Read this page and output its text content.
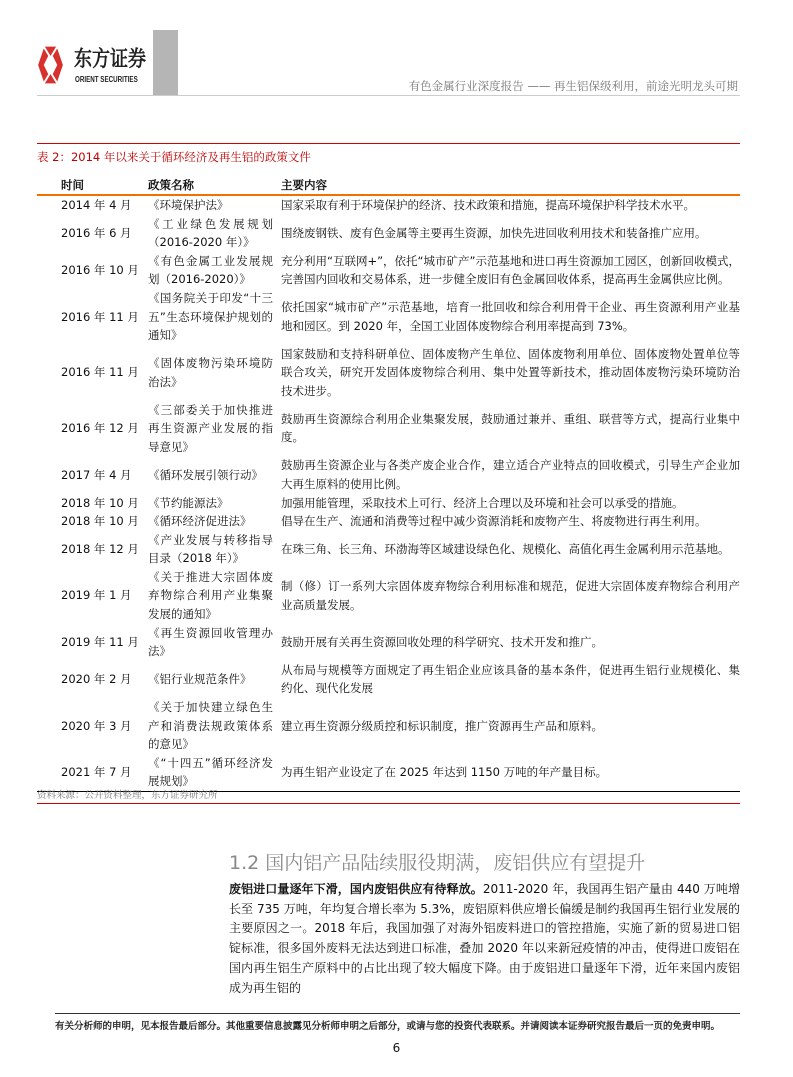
东方证券
ORIENT SECURITIES	有色金属行业深度报告 —— 再生铝保级利用，前途光明龙头可期
表 2：2014 年以来关于循环经济及再生铝的政策文件
时间	政策名称	主要内容
2014 年 4 月	《环境保护法》	国家采取有利于环境保护的经济、技术政策和措施，提高环境保护科学技术水平。
2016 年 6 月	《工业绿色发展规划（2016-2020 年）》	围绕废钢铁、废有色金属等主要再生资源，加快先进回收利用技术和装备推广应用。
2016 年 10 月	《有色金属工业发展规划（2016-2020）》	充分利用“互联网+”，依托“城市矿产”示范基地和进口再生资源加工园区，创新回收模式，完善国内回收和交易体系，进一步健全废旧有色金属回收体系，提高再生金属供应比例。
2016 年 11 月	《国务院关于印发“十三五”生态环境保护规划的通知》	依托国家“城市矿产”示范基地，培育一批回收和综合利用骨干企业、再生资源利用产业基地和园区。到 2020 年，全国工业固体废物综合利用率提高到 73%。
2016 年 11 月	《固体废物污染环境防治法》	国家鼓励和支持科研单位、固体废物产生单位、固体废物利用单位、固体废物处置单位等联合攻关，研究开发固体废物综合利用、集中处置等新技术，推动固体废物污染环境防治技术进步。
2016 年 12 月	《三部委关于加快推进再生资源产业发展的指导意见》	鼓励再生资源综合利用企业集聚发展，鼓励通过兼并、重组、联营等方式，提高行业集中度。
2017 年 4 月	《循环发展引领行动》	鼓励再生资源企业与各类产废企业合作，建立适合产业特点的回收模式，引导生产企业加大再生原料的使用比例。
2018 年 10 月	《节约能源法》	加强用能管理，采取技术上可行、经济上合理以及环境和社会可以承受的措施。
2018 年 10 月	《循环经济促进法》	倡导在生产、流通和消费等过程中减少资源消耗和废物产生、将废物进行再生利用。
2018 年 12 月	《产业发展与转移指导目录（2018 年）》	在珠三角、长三角、环渤海等区域建设绿色化、规模化、高值化再生金属利用示范基地。
2019 年 1 月	《关于推进大宗固体废弃物综合利用产业集聚发展的通知》	制（修）订一系列大宗固体废弃物综合利用标准和规范，促进大宗固体废弃物综合利用产业高质量发展。
2019 年 11 月	《再生资源回收管理办法》	鼓励开展有关再生资源回收处理的科学研究、技术开发和推广。
2020 年 2 月	《铝行业规范条件》	从布局与规模等方面规定了再生铝企业应该具备的基本条件，促进再生铝行业规模化、集约化、现代化发展
2020 年 3 月	《关于加快建立绿色生产和消费法规政策体系的意见》	建立再生资源分级质控和标识制度，推广资源再生产品和原料。
2021 年 7 月	《“十四五”循环经济发展规划》	为再生铝产业设定了在 2025 年达到 1150 万吨的年产量目标。
资料来源：公开资料整理，东方证券研究所
1.2 国内铝产品陆续服役期满，废铝供应有望提升
废铝进口量逐年下滑，国内废铝供应有待释放。2011-2020 年，我国再生铝产量由 440 万吨增长至 735 万吨，年均复合增长率为 5.3%，废铝原料供应增长偏缓是制约我国再生铝行业发展的主要原因之一。2018 年后，我国加强了对海外铝废料进口的管控措施，实施了新的贸易进口铝锭标准，很多国外废料无法达到进口标准，叠加 2020 年以来新冠疫情的冲击，使得进口废铝在国内再生铝生产原料中的占比出现了较大幅度下降。由于废铝进口量逐年下滑，近年来国内废铝成为再生铝的
有关分析师的申明，见本报告最后部分。其他重要信息披露见分析师申明之后部分，或请与您的投资代表联系。并请阅读本证券研究报告最后一页的免责申明。
6
